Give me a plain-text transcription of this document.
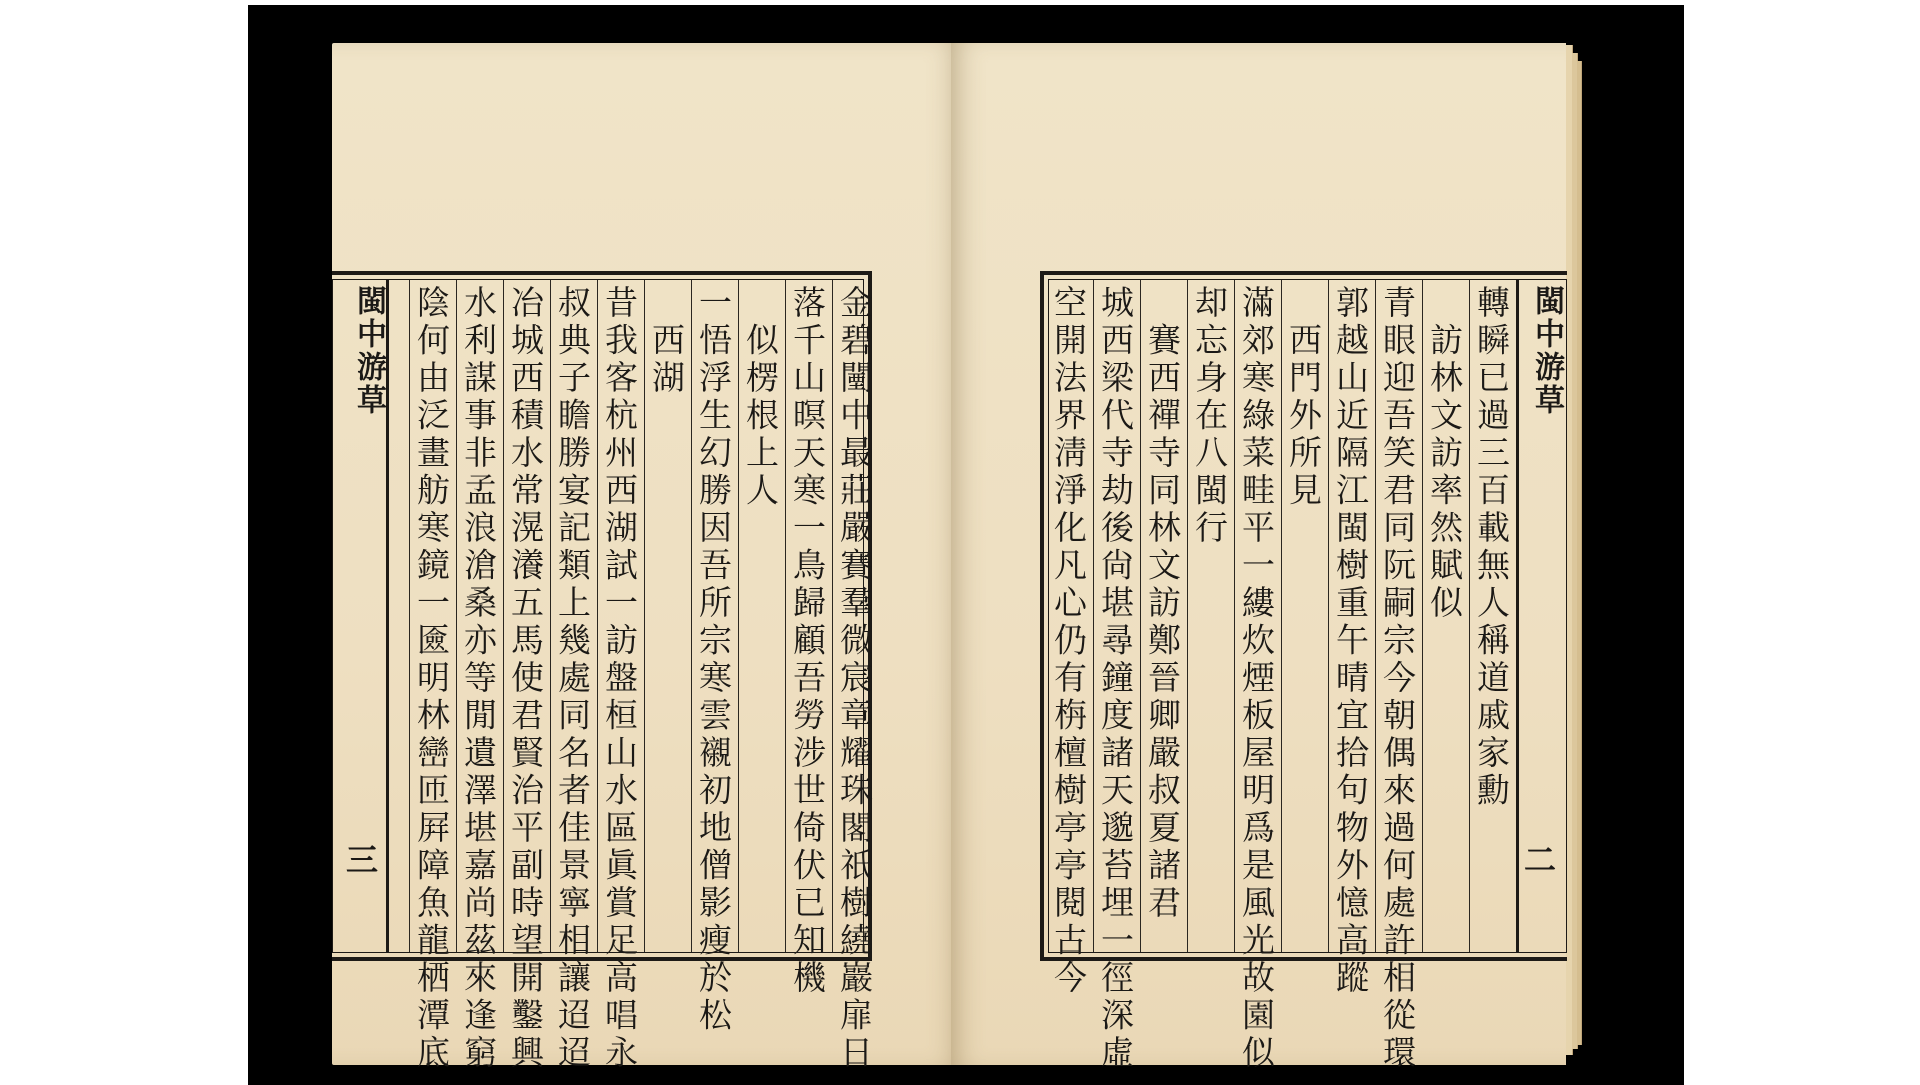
金碧闉中最莊嚴賽羣微宸章耀珠閣祇樹繞巖扉日
落千山暝天寒一鳥歸顧吾勞涉世倚伏已知機
　似楞根上人
一悟浮生幻勝因吾所宗寒雲襯初地僧影瘦於松
　西湖
昔我客杭州西湖試一訪盤桓山水區眞賞足高唱永
叔典子瞻勝宴記類上幾處同名者佳景寧相讓迢迢
冶城西積水常滉瀁五馬使君賢治平副時望開鑿興
水利謀事非孟浪滄桑亦等閒遺澤堪嘉尚茲來逢窮
陰何由泛畫舫寒鏡一匳明林巒匝屛障魚龍栖潭底
閩中游草
三
閩中游草
二
轉瞬已過三百載無人稱道戚家勳
　訪林文訪率然賦似
青眼迎吾笑君同阮嗣宗今朝偶來過何處許相從環
郭越山近隔江閩樹重午晴宜拾句物外憶高蹤
　西門外所見
滿郊寒綠菜畦平一縷炊煙板屋明爲是風光故園似
却忘身在八閩行
　賽西禪寺同林文訪鄭晉卿嚴叔夏諸君
城西梁代寺劫後尙堪尋鐘度諸天邈苔埋一徑深虛
空開法界淸淨化凡心仍有栴檀樹亭亭閱古今
